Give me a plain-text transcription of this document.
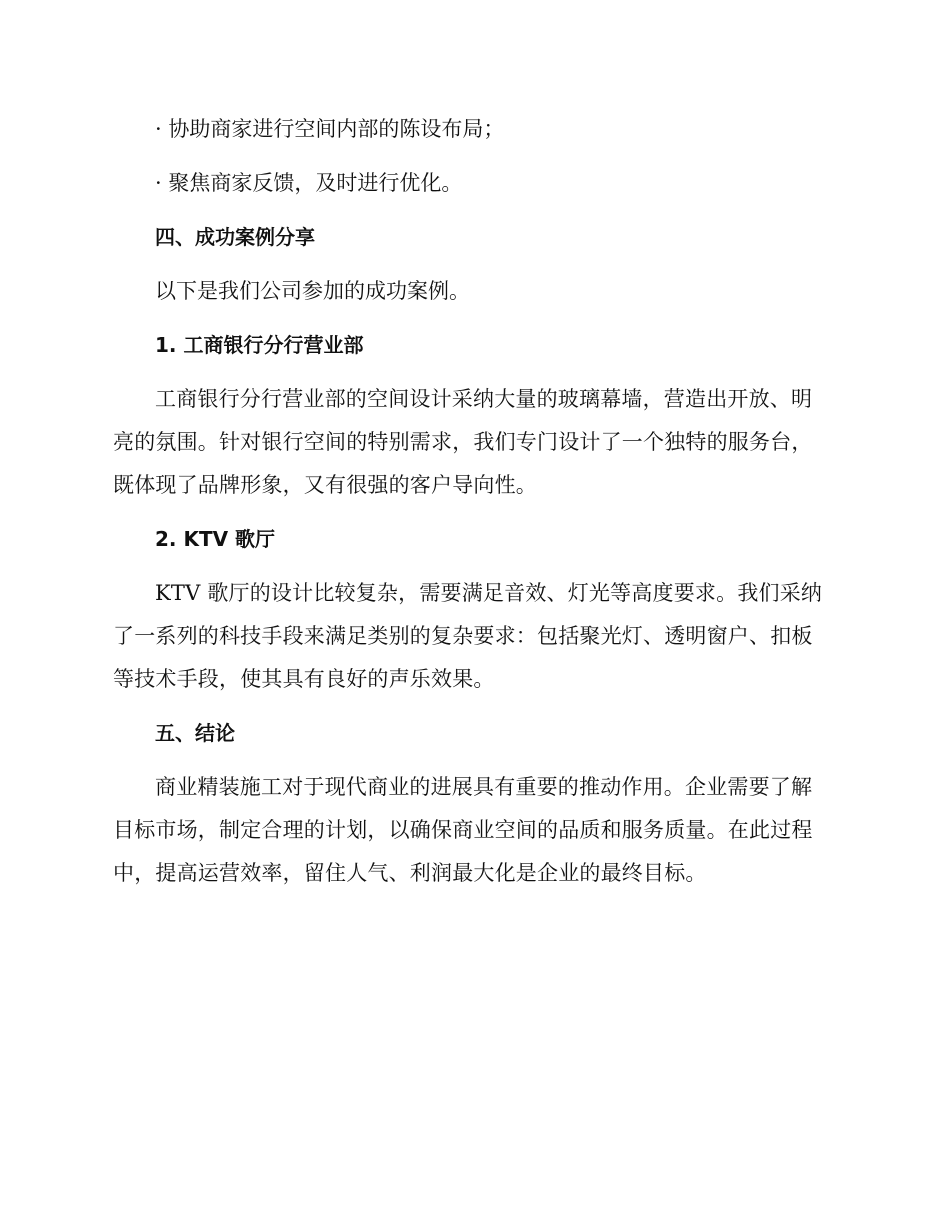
· 协助商家进行空间内部的陈设布局；
· 聚焦商家反馈，及时进行优化。
四、成功案例分享
以下是我们公司参加的成功案例。
1. 工商银行分行营业部
工商银行分行营业部的空间设计采纳大量的玻璃幕墙，营造出开放、明
亮的氛围。针对银行空间的特别需求，我们专门设计了一个独特的服务台，
既体现了品牌形象，又有很强的客户导向性。
2. KTV 歌厅
KTV 歌厅的设计比较复杂，需要满足音效、灯光等高度要求。我们采纳
了一系列的科技手段来满足类别的复杂要求：包括聚光灯、透明窗户、扣板
等技术手段，使其具有良好的声乐效果。
五、结论
商业精装施工对于现代商业的进展具有重要的推动作用。企业需要了解
目标市场，制定合理的计划，以确保商业空间的品质和服务质量。在此过程
中，提高运营效率，留住人气、利润最大化是企业的最终目标。
